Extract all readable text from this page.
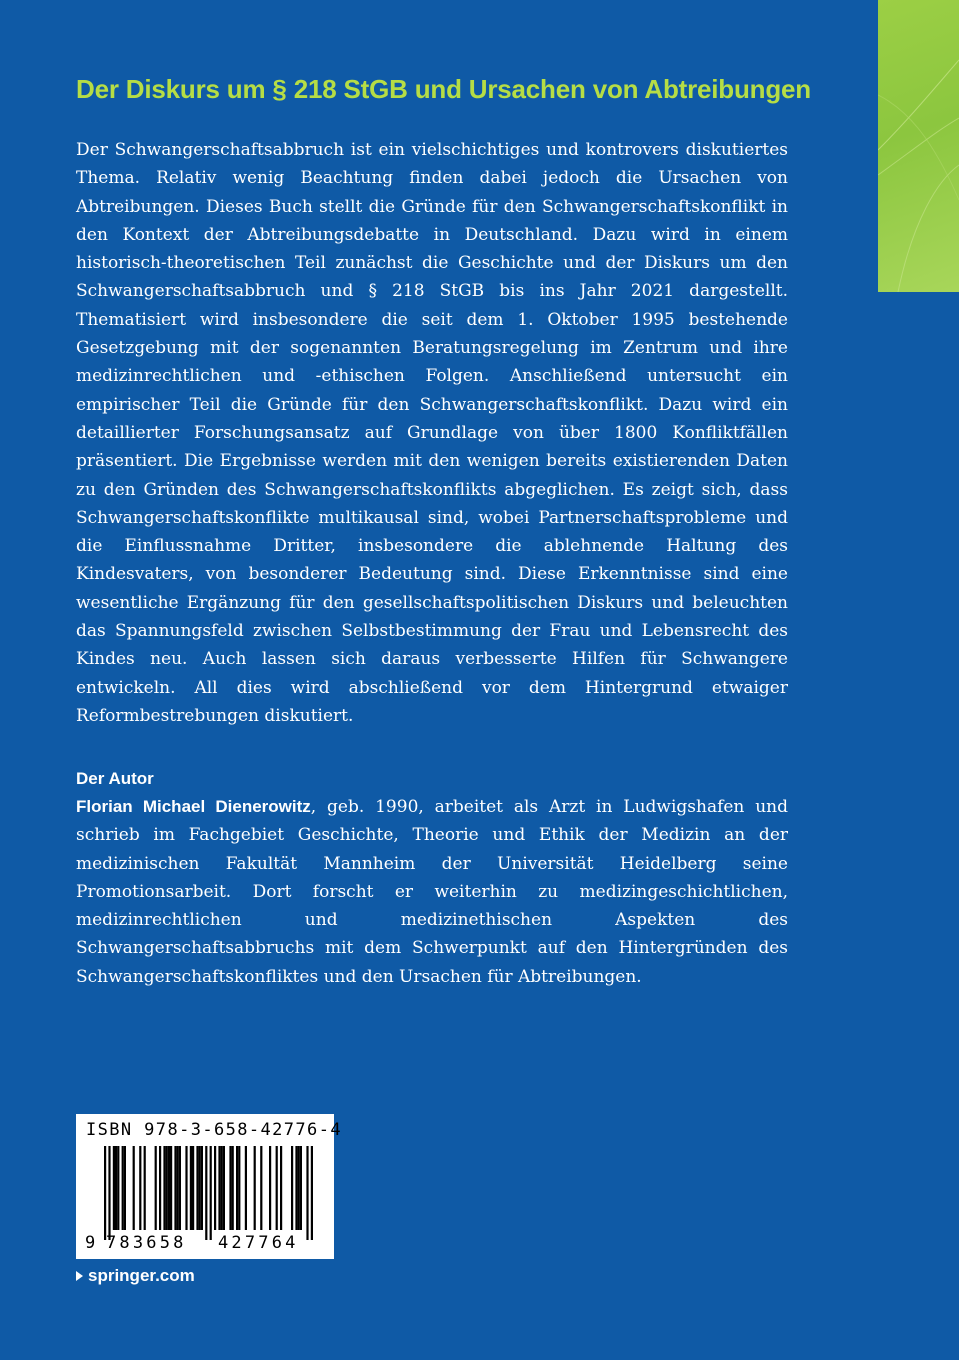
Der Diskurs um § 218 StGB und Ursachen von Abtreibungen

Der Schwangerschaftsabbruch ist ein vielschichtiges und kontrovers diskutiertes Thema. Relativ wenig Beachtung finden dabei jedoch die Ursachen von Abtreibungen. Dieses Buch stellt die Gründe für den Schwangerschaftskonflikt in den Kontext der Abtreibungsdebatte in Deutschland. Dazu wird in einem historisch-theoretischen Teil zunächst die Geschichte und der Diskurs um den Schwangerschaftsabbruch und § 218 StGB bis ins Jahr 2021 dargestellt. Thematisiert wird insbesondere die seit dem 1. Oktober 1995 bestehende Gesetzgebung mit der sogenannten Beratungsregelung im Zentrum und ihre medizinrechtlichen und -ethischen Folgen. Anschließend untersucht ein empirischer Teil die Gründe für den Schwangerschaftskonflikt. Dazu wird ein detaillierter Forschungsansatz auf Grundlage von über 1800 Konfliktfällen präsentiert. Die Ergebnisse werden mit den wenigen bereits existierenden Daten zu den Gründen des Schwangerschaftskonflikts abgeglichen. Es zeigt sich, dass Schwangerschaftskonflikte multikausal sind, wobei Partnerschaftsprobleme und die Einflussnahme Dritter, insbesondere die ablehnende Haltung des Kindesvaters, von besonderer Bedeutung sind. Diese Erkenntnisse sind eine wesentliche Ergänzung für den gesellschaftspolitischen Diskurs und beleuchten das Spannungsfeld zwischen Selbstbestimmung der Frau und Lebensrecht des Kindes neu. Auch lassen sich daraus verbesserte Hilfen für Schwangere entwickeln. All dies wird abschließend vor dem Hintergrund etwaiger Reformbestrebungen diskutiert.

Der Autor

Florian Michael Dienerowitz, geb. 1990, arbeitet als Arzt in Ludwigshafen und schrieb im Fachgebiet Geschichte, Theorie und Ethik der Medizin an der medizinischen Fakultät Mannheim der Universität Heidelberg seine Promotionsarbeit. Dort forscht er weiterhin zu medizingeschichtlichen, medizinrechtlichen und medizinethischen Aspekten des Schwangerschaftsabbruchs mit dem Schwerpunkt auf den Hintergründen des Schwangerschaftskonfliktes und den Ursachen für Abtreibungen.

ISBN 978-3-658-42776-4
9 783658 427764
springer.com
